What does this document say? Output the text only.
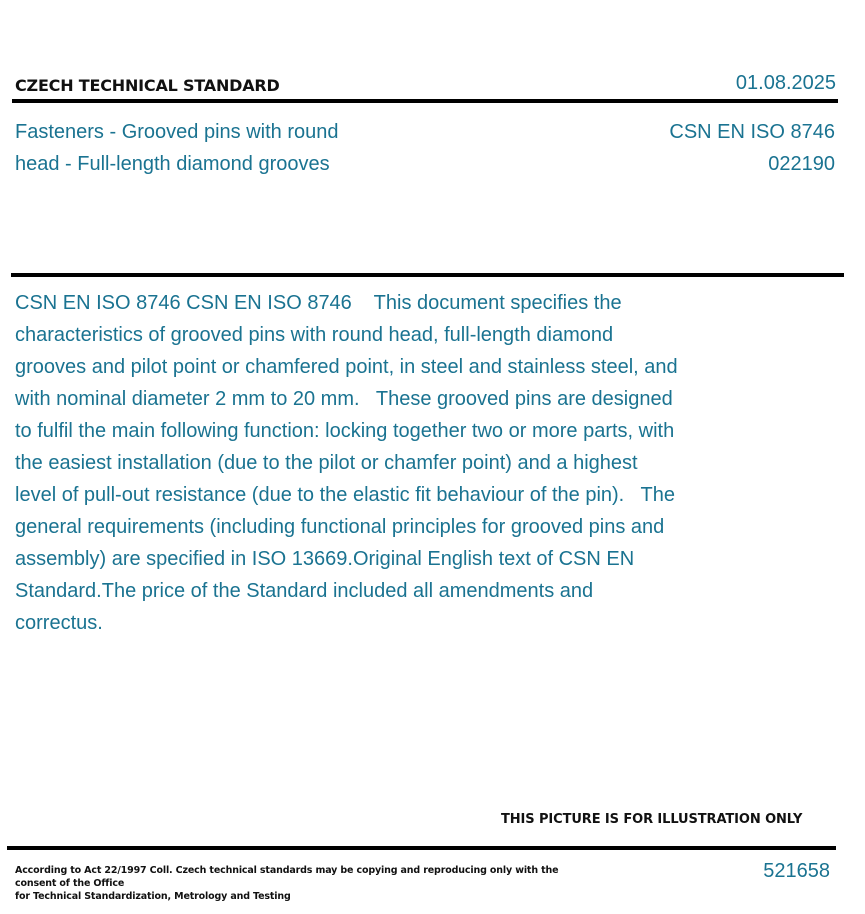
CZECH TECHNICAL STANDARD	01.08.2025
Fasteners - Grooved pins with round
head - Full-length diamond grooves
CSN EN ISO 8746
022190
CSN EN ISO 8746 CSN EN ISO 8746    This document specifies the characteristics of grooved pins with round head, full-length diamond grooves and pilot point or chamfered point, in steel and stainless steel, and with nominal diameter 2 mm to 20 mm.   These grooved pins are designed to fulfil the main following function: locking together two or more parts, with the easiest installation (due to the pilot or chamfer point) and a highest level of pull-out resistance (due to the elastic fit behaviour of the pin).   The general requirements (including functional principles for grooved pins and assembly) are specified in ISO 13669.Original English text of CSN EN Standard.The price of the Standard included all amendments and correctus.
THIS PICTURE IS FOR ILLUSTRATION ONLY
According to Act 22/1997 Coll. Czech technical standards may be copying and reproducing only with the consent of the Office
for Technical Standardization, Metrology and Testing
521658
